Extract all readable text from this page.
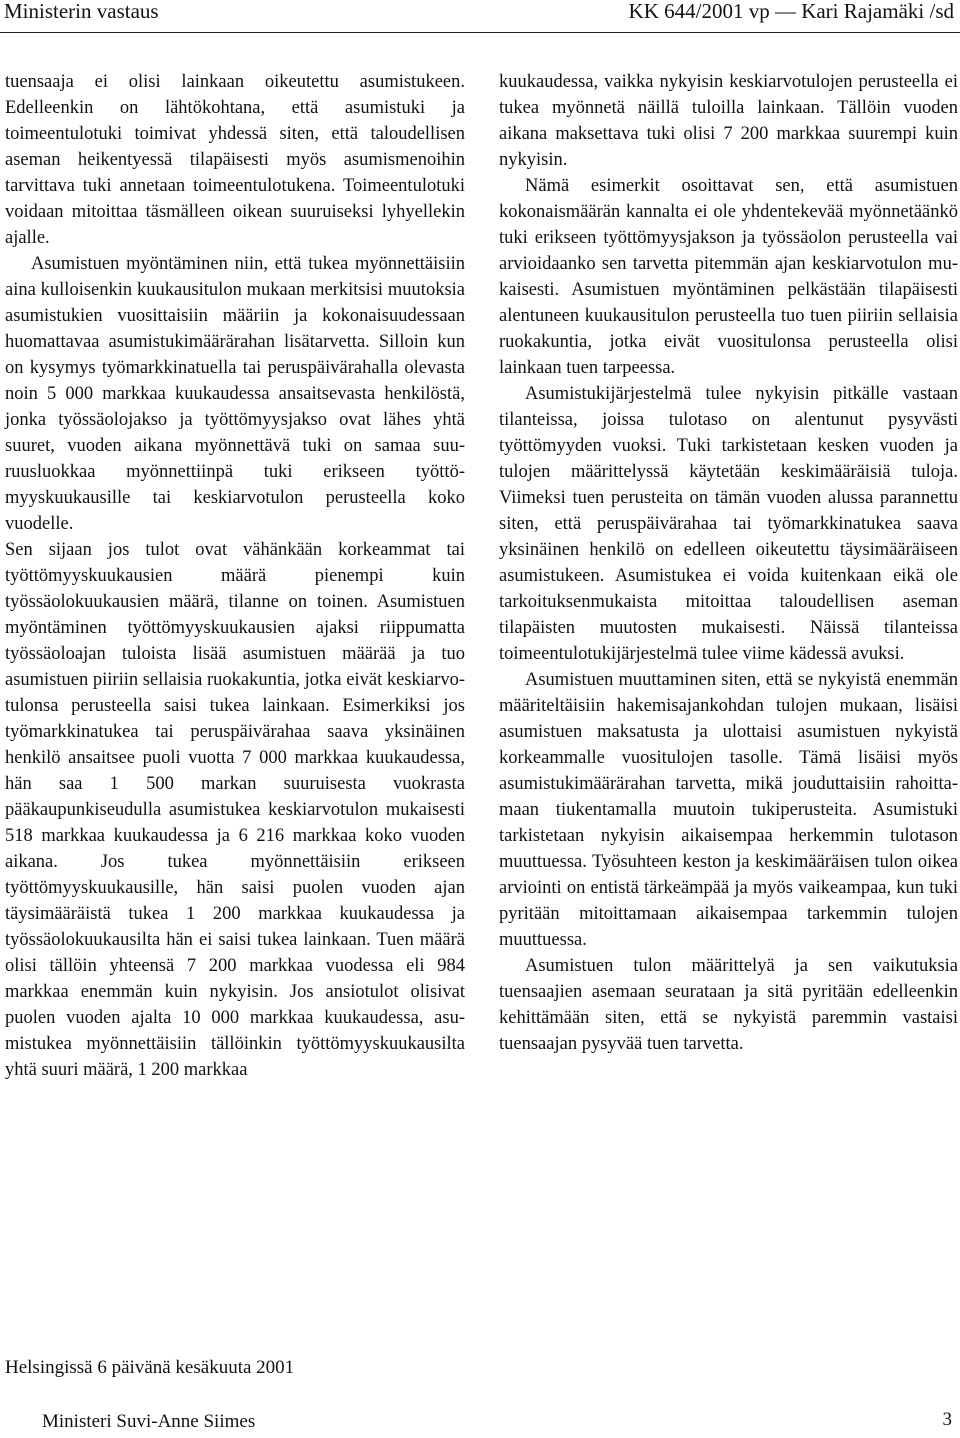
Ministerin vastaus	KK 644/2001 vp — Kari Rajamäki /sd

tuensaaja ei olisi lainkaan oikeutettu asumistukeen. Edelleenkin on lähtökohtana, että asumistuki ja toimeentulotuki toimivat yhdessä siten, että taloudellisen aseman heikentyessä tilapäisesti myös asumismenoihin tarvittava tuki annetaan toimeentulotukena. Toimeentulotuki voidaan mitoittaa täsmälleen oikean suuruiseksi lyhyellekin ajalle.

Asumistuen myöntäminen niin, että tukea myönnettäisiin aina kulloisenkin kuukausitulon mukaan merkitsisi muutoksia asumistukien vuosittaisiin määriin ja kokonaisuudessaan huomattavaa asumistukimäärärahan lisätarvetta. Silloin kun on kysymys työmarkkinatuella tai peruspäivärahalla olevasta noin 5 000 markkaa kuukaudessa ansaitsevasta henkilöstä, jonka työssäolojakso ja työttömyysjakso ovat lähes yhtä suuret, vuoden aikana myönnettävä tuki on samaa suuruusluokkaa myönnettiinpä tuki erikseen työttömyyskuukausille tai keskiarvotulon perusteella koko vuodelle.

Sen sijaan jos tulot ovat vähänkään korkeammat tai työttömyyskuukausien määrä pienempi kuin työssäolokuukausien määrä, tilanne on toinen. Asumistuen myöntäminen työttömyyskuukausien ajaksi riippumatta työssäoloajan tuloista lisää asumistuen määrää ja tuo asumistuen piiriin sellaisia ruokakuntia, jotka eivät keskiarvotulonsa perusteella saisi tukea lainkaan. Esimerkiksi jos työmarkkinatukea tai peruspäivärahaa saava yksinäinen henkilö ansaitsee puoli vuotta 7 000 markkaa kuukaudessa, hän saa 1 500 markan suuruisesta vuokrasta pääkaupunkiseudulla asumistukea keskiarvotulon mukaisesti 518 markkaa kuukaudessa ja 6 216 markkaa koko vuoden aikana. Jos tukea myönnettäisiin erikseen työttömyyskuukausille, hän saisi puolen vuoden ajan täysimääräistä tukea 1 200 markkaa kuukaudessa ja työssäolokuukausilta hän ei saisi tukea lainkaan. Tuen määrä olisi tällöin yhteensä 7 200 markkaa vuodessa eli 984 markkaa enemmän kuin nykyisin. Jos ansiotulot olisivat puolen vuoden ajalta 10 000 markkaa kuukaudessa, asumistukea myönnettäisiin tällöinkin työttömyyskuukausilta yhtä suuri määrä, 1 200 markkaa

kuukaudessa, vaikka nykyisin keskiarvotulojen perusteella ei tukea myönnetä näillä tuloilla lainkaan. Tällöin vuoden aikana maksettava tuki olisi 7 200 markkaa suurempi kuin nykyisin.

Nämä esimerkit osoittavat sen, että asumistuen kokonaismäärän kannalta ei ole yhdentekevää myönnetäänkö tuki erikseen työttömyysjakson ja työssäolon perusteella vai arvioidaanko sen tarvetta pitemmän ajan keskiarvotulon mukaisesti. Asumistuen myöntäminen pelkästään tilapäisesti alentuneen kuukausitulon perusteella tuo tuen piiriin sellaisia ruokakuntia, jotka eivät vuositulonsa perusteella olisi lainkaan tuen tarpeessa.

Asumistukijärjestelmä tulee nykyisin pitkälle vastaan tilanteissa, joissa tulotaso on alentunut pysyvästi työttömyyden vuoksi. Tuki tarkistetaan kesken vuoden ja tulojen määrittelyssä käytetään keskimääräisiä tuloja. Viimeksi tuen perusteita on tämän vuoden alussa parannettu siten, että peruspäivärahaa tai työmarkkinatukea saava yksinäinen henkilö on edelleen oikeutettu täysimääräiseen asumistukeen. Asumistukea ei voida kuitenkaan eikä ole tarkoituksenmukaista mitoittaa taloudellisen aseman tilapäisten muutosten mukaisesti. Näissä tilanteissa toimeentulotukijärjestelmä tulee viime kädessä avuksi.

Asumistuen muuttaminen siten, että se nykyistä enemmän määriteltäisiin hakemisajankohdan tulojen mukaan, lisäisi asumistuen maksatusta ja ulottaisi asumistuen nykyistä korkeammalle vuositulojen tasolle. Tämä lisäisi myös asumistukimäärärahan tarvetta, mikä jouduttaisiin rahoittamaan tiukentamalla muutoin tukiperusteita. Asumistuki tarkistetaan nykyisin aikaisempaa herkemmin tulotason muuttuessa. Työsuhteen keston ja keskimääräisen tulon oikea arviointi on entistä tärkeämpää ja myös vaikeampaa, kun tuki pyritään mitoittamaan aikaisempaa tarkemmin tulojen muuttuessa.

Asumistuen tulon määrittelyä ja sen vaikutuksia tuensaajien asemaan seurataan ja sitä pyritään edelleenkin kehittämään siten, että se nykyistä paremmin vastaisi tuensaajan pysyvää tuen tarvetta.

Helsingissä 6 päivänä kesäkuuta 2001
Ministeri Suvi-Anne Siimes	3
